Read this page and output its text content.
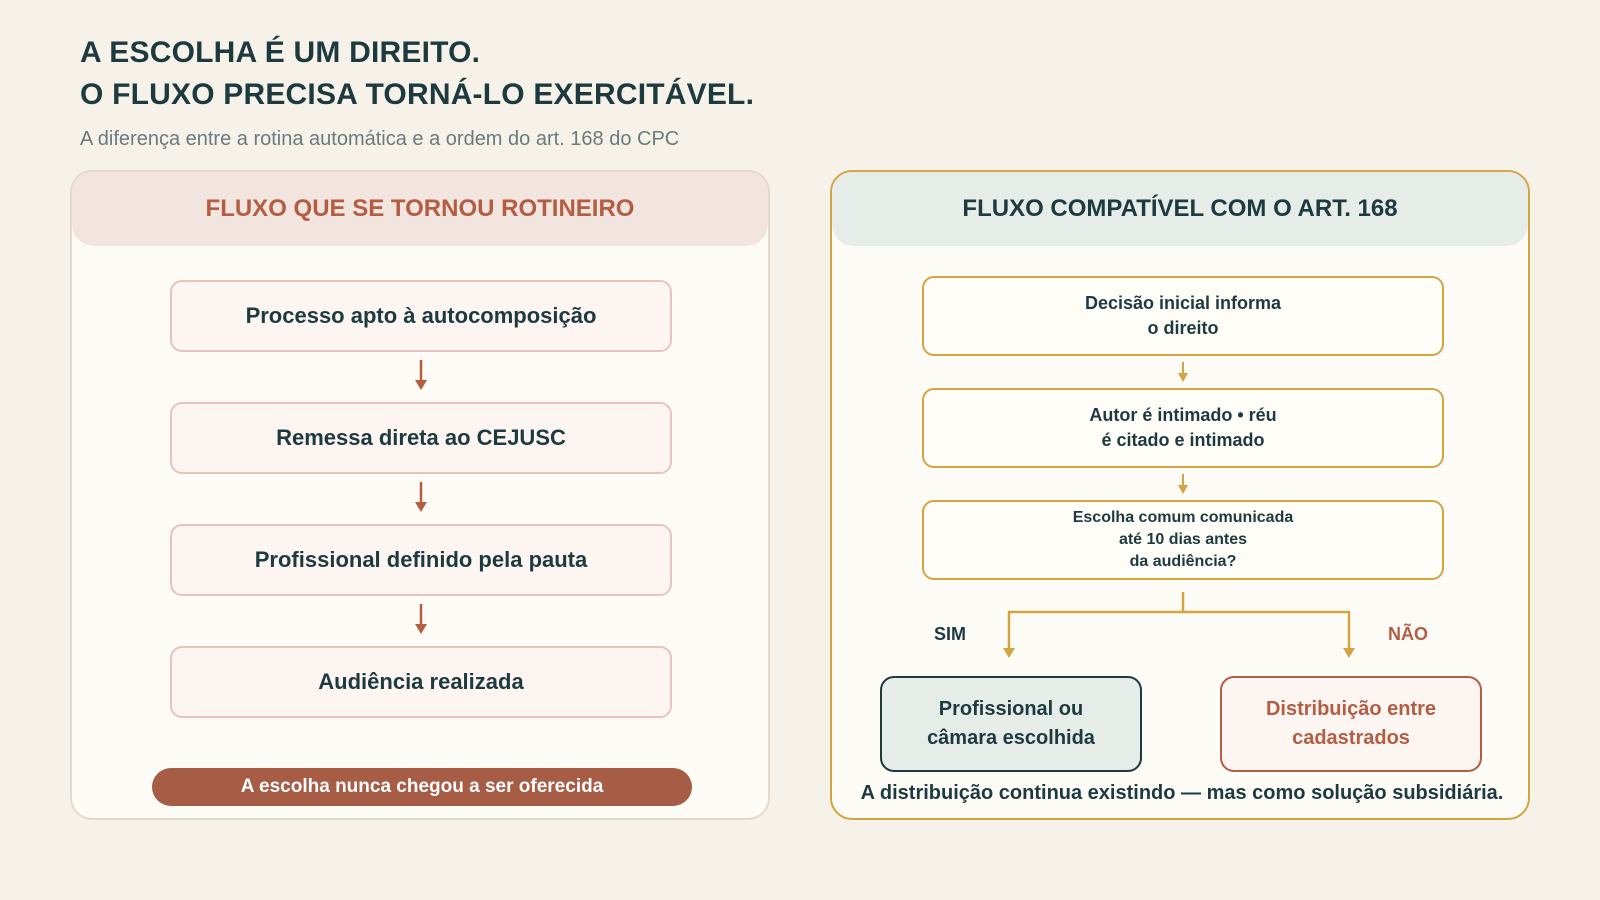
A ESCOLHA É UM DIREITO.
O FLUXO PRECISA TORNÁ-LO EXERCITÁVEL.
A diferença entre a rotina automática e a ordem do art. 168 do CPC
FLUXO QUE SE TORNOU ROTINEIRO
Processo apto à autocomposição
Remessa direta ao CEJUSC
Profissional definido pela pauta
Audiência realizada
A escolha nunca chegou a ser oferecida
FLUXO COMPATÍVEL COM O ART. 168
Decisão inicial informa
o direito
Autor é intimado • réu
é citado e intimado
Escolha comum comunicada
até 10 dias antes
da audiência?
SIM	NÃO
Profissional ou
câmara escolhida
Distribuição entre
cadastrados
A distribuição continua existindo — mas como solução subsidiária.
